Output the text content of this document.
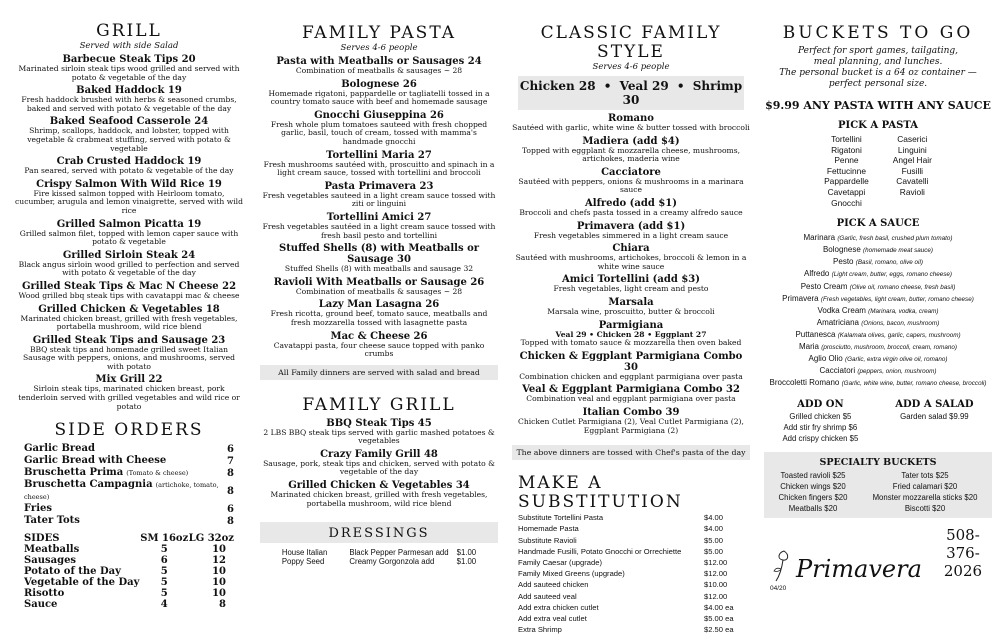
GRILL
Served with side Salad
Barbecue Steak Tips 20
Marinated sirloin steak tips wood grilled and served with potato & vegetable of the day
Baked Haddock 19
Fresh haddock brushed with herbs & seasoned crumbs, baked and served with potato & vegetable of the day
Baked Seafood Casserole 24
Shrimp, scallops, haddock, and lobster, topped with vegetable & crabmeat stuffing, served with potato & vegetable
Crab Crusted Haddock 19
Pan seared, served with potato & vegetable of the day
Crispy Salmon With Wild Rice 19
Fire kissed salmon topped with Heirloom tomato, cucumber, arugula and lemon vinaigrette, served with wild rice
Grilled Salmon Picatta 19
Grilled salmon filet, topped with lemon caper sauce with potato & vegetable
Grilled Sirloin Steak 24
Black angus sirloin wood grilled to perfection and served with potato & vegetable of the day
Grilled Steak Tips & Mac N Cheese 22
Wood grilled bbq steak tips with cavatappi mac & cheese
Grilled Chicken & Vegetables 18
Marinated chicken breast, grilled with fresh vegetables, portabella mushroom, wild rice blend
Grilled Steak Tips and Sausage 23
BBQ steak tips and homemade grilled sweet Italian Sausage with peppers, onions, and mushrooms, served with potato
Mix Grill 22
Sirloin steak tips, marinated chicken breast, pork tenderloin served with grilled vegetables and wild rice or potato
SIDE ORDERS
Garlic Bread	6
Garlic Bread with Cheese	7
Bruschetta Prima (Tomato & cheese)	8
Bruschetta Campagnia (artichoke, tomato, cheese)	8
Fries	6
Tater Tots	8
SIDES	SM 16oz	LG 32oz
Meatballs	5	10
Sausages	6	12
Potato of the Day	5	10
Vegetable of the Day	5	10
Risotto	5	10
Sauce	4	8
FAMILY PASTA
Serves 4-6 people
Pasta with Meatballs or Sausages 24
Combination of meatballs & sausages ~ 28
Bolognese 26
Homemade rigatoni, pappardelle or tagliatelli tossed in a country tomato sauce with beef and homemade sausage
Gnocchi Giuseppina 26
Fresh whole plum tomatoes sauteed with fresh chopped garlic, basil, touch of cream, tossed with mamma's handmade gnocchi
Tortellini Maria 27
Fresh mushrooms sautéed with, proscuitto and spinach in a light cream sauce, tossed with tortellini and broccoli
Pasta Primavera 23
Fresh vegetables sauteed in a light cream sauce tossed with ziti or linguini
Tortellini Amici 27
Fresh vegetables sautéed in a light cream sauce tossed with fresh basil pesto and tortellini
Stuffed Shells (8) with Meatballs or Sausage 30
Stuffed Shells (8) with meatballs and sausage 32
Ravioli With Meatballs or Sausage 26
Combination of meatballs & sausages ~ 28
Lazy Man Lasagna 26
Fresh ricotta, ground beef, tomato sauce, meatballs and fresh mozzarella tossed with lasagnette pasta
Mac & Cheese 26
Cavatappi pasta, four cheese sauce topped with panko crumbs
All Family dinners are served with salad and bread
FAMILY GRILL
BBQ Steak Tips 45
2 LBS BBQ steak tips served with garlic mashed potatoes & vegetables
Crazy Family Grill 48
Sausage, pork, steak tips and chicken, served with potato & vegetable of the day
Grilled Chicken & Vegetables 34
Marinated chicken breast, grilled with fresh vegetables, portabella mushroom, wild rice blend
DRESSINGS
House Italian	Black Pepper Parmesan add	$1.00
Poppy Seed	Creamy Gorgonzola add	$1.00
CLASSIC FAMILY STYLE
Serves 4-6 people
Chicken 28 • Veal 29 • Shrimp 30
Romano
Sautéed with garlic, white wine & butter tossed with broccoli
Madiera (add $4)
Topped with eggplant & mozzarella cheese, mushrooms, artichokes, maderia wine
Cacciatore
Sautéed with peppers, onions & mushrooms in a marinara sauce
Alfredo (add $1)
Broccoli and chefs pasta tossed in a creamy alfredo sauce
Primavera (add $1)
Fresh vegetables simmered in a light cream sauce
Chiara
Sautéed with mushrooms, artichokes, broccoli & lemon in a white wine sauce
Amici Tortellini (add $3)
Fresh vegetables, light cream and pesto
Marsala
Marsala wine, proscuitto, butter & broccoli
Parmigiana
Veal 29 • Chicken 28 • Eggplant 27
Topped with tomato sauce & mozzarella then oven baked
Chicken & Eggplant Parmigiana Combo 30
Combination chicken and eggplant parmigiana over pasta
Veal & Eggplant Parmigiana Combo 32
Combination veal and eggplant parmigiana over pasta
Italian Combo 39
Chicken Cutlet Parmigiana (2), Veal Cutlet Parmigiana (2), Eggplant Parmigiana (2)
The above dinners are tossed with Chef's pasta of the day
MAKE A SUBSTITUTION
Substitute Tortellini Pasta	$4.00
Homemade Pasta	$4.00
Substitute Ravioli	$5.00
Handmade Fusilli, Potato Gnocchi or Orrechiette	$5.00
Family Caesar (upgrade)	$12.00
Family Mixed Greens (upgrade)	$12.00
Add sauteed chicken	$10.00
Add sauteed veal	$12.00
Add extra chicken cutlet	$4.00 ea
Add extra veal cutlet	$5.00 ea
Extra Shrimp	$2.50 ea
BUCKETS TO GO
Perfect for sport games, tailgating,
meal planning, and lunches.
The personal bucket is a 64 oz container —
perfect personal size.
$9.99 ANY PASTA WITH ANY SAUCE
PICK A PASTA
Tortellini
Rigatoni
Penne
Fettucinne
Pappardelle
Cavetappi
Gnocchi
Caserici
Linguini
Angel Hair
Fusilli
Cavatelli
Ravioli
PICK A SAUCE
Marinara (Garlic, fresh basil, crushed plum tomato)
Bolognese (homemade meat sauce)
Pesto (Basil, romano, olive oil)
Alfredo (Light cream, butter, eggs, romano cheese)
Pesto Cream (Olive oil, romano cheese, fresh basil)
Primavera (Fresh vegetables, light cream, butter, romano cheese)
Vodka Cream (Marinara, vodka, cream)
Amatriciana (Onions, bacon, mushroom)
Puttanesca (Kalamata olives, garlic, capers, mushroom)
Maria (prosciutto, mushroom, broccoli, cream, romano)
Aglio Olio (Garlic, extra virgin olive oil, romano)
Cacciatori (peppers, onion, mushroom)
Broccoletti Romano (Garlic, white wine, butter, romano cheese, broccoli)
ADD ON
Grilled chicken $5
Add stir fry shrimp $6
Add crispy chicken $5
ADD A SALAD
Garden salad $9.99
SPECIALTY BUCKETS
Toasted ravioli $25
Chicken wings $20
Chicken fingers $20
Meatballs $20
Tater tots $25
Fried calamari $20
Monster mozzarella sticks $20
Biscotti $20
Primavera
508-376-2026
04/20
